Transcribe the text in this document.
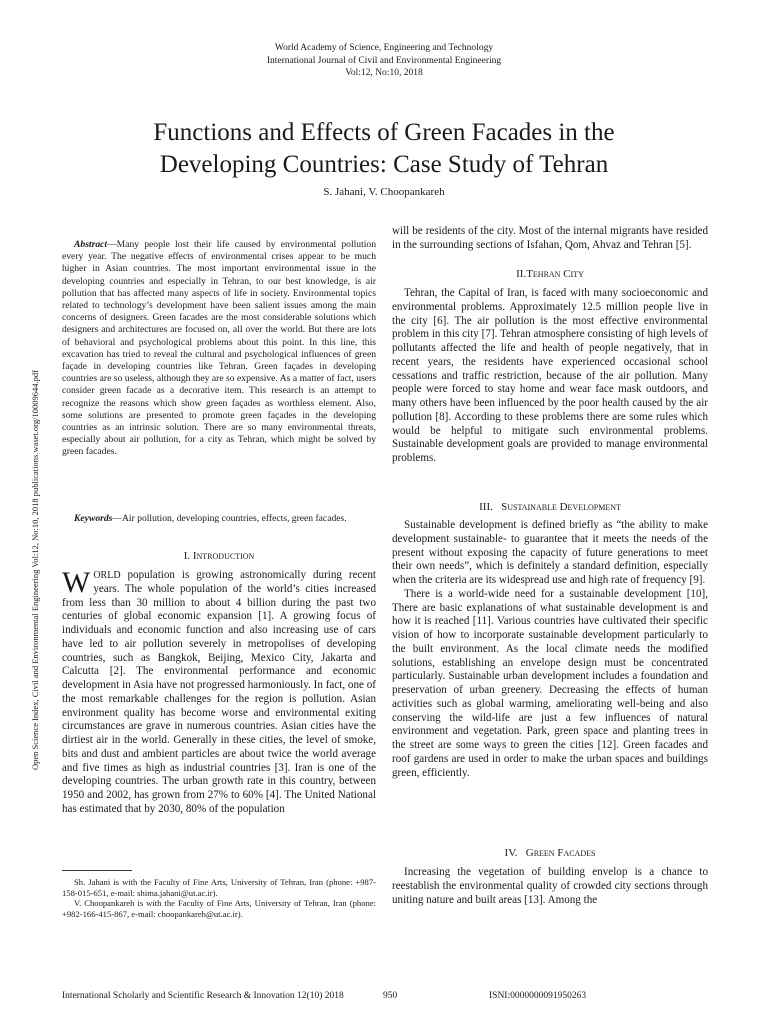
World Academy of Science, Engineering and Technology
International Journal of Civil and Environmental Engineering
Vol:12, No:10, 2018
Functions and Effects of Green Facades in the
Developing Countries: Case Study of Tehran
S. Jahani, V. Choopankareh
Open Science Index, Civil and Environmental Engineering Vol:12, No:10, 2018 publications.waset.org/10009644.pdf
Abstract—Many people lost their life caused by environmental pollution every year. The negative effects of environmental crises appear to be much higher in Asian countries. The most important environmental issue in the developing countries and especially in Tehran, to our best knowledge, is air pollution that has affected many aspects of life in society. Environmental topics related to technology’s development have been salient issues among the main concerns of designers. Green facades are the most considerable solutions which designers and architectures are focused on, all over the world. But there are lots of behavioral and psychological problems about this point. In this line, this excavation has tried to reveal the cultural and psychological influences of green façade in developing countries like Tehran. Green façades in developing countries are so useless, although they are so expensive. As a matter of fact, users consider green facade as a decorative item. This research is an attempt to recognize the reasons which show green façades as worthless element. Also, some solutions are presented to promote green façades in the developing countries as an intrinsic solution. There are so many environmental threats, especially about air pollution, for a city as Tehran, which might be solved by green facades.
Keywords—Air pollution, developing countries, effects, green facades.
I. Introduction

WORLD population is growing astronomically during recent years. The whole population of the world’s cities increased from less than 30 million to about 4 billion during the past two centuries of global economic expansion [1]. A growing focus of individuals and economic function and also increasing use of cars have led to air pollution severely in metropolises of developing countries, such as Bangkok, Beijing, Mexico City, Jakarta and Calcutta [2]. The environmental performance and economic development in Asia have not progressed harmoniously. In fact, one of the most remarkable challenges for the region is pollution. Asian environment quality has become worse and environmental exiting circumstances are grave in numerous countries. Asian cities have the dirtiest air in the world. Generally in these cities, the level of smoke, bits and dust and ambient particles are about twice the world average and five times as high as industrial countries [3]. Iran is one of the developing countries. The urban growth rate in this country, between 1950 and 2002, has grown from 27% to 60% [4]. The United National has estimated that by 2030, 80% of the population

Sh. Jahani is with the Faculty of Fine Arts, University of Tehran, Iran (phone: +987-158-015-651, e-mail: shima.jahani@ut.ac.ir).

V. Choopankareh is with the Faculty of Fine Arts, University of Tehran, Iran (phone: +982-166-415-867, e-mail: choopankareh@ut.ac.ir).

will be residents of the city. Most of the internal migrants have resided in the surrounding sections of Isfahan, Qom, Ahvaz and Tehran [5].

II.Tehran City

Tehran, the Capital of Iran, is faced with many socioeconomic and environmental problems. Approximately 12.5 million people live in the city [6]. The air pollution is the most effective environmental problem in this city [7]. Tehran atmosphere consisting of high levels of pollutants affected the life and health of people negatively, that in recent years, the residents have experienced occasional school cessations and traffic restriction, because of the air pollution. Many people were forced to stay home and wear face mask outdoors, and many others have been influenced by the poor health caused by the air pollution [8]. According to these problems there are some rules which would be helpful to mitigate such environmental problems. Sustainable development goals are provided to manage environmental problems.

III. Sustainable Development

Sustainable development is defined briefly as “the ability to make development sustainable- to guarantee that it meets the needs of the present without exposing the capacity of future generations to meet their own needs”, which is definitely a standard definition, especially when the criteria are its widespread use and high rate of frequency [9].

There is a world-wide need for a sustainable development [10], There are basic explanations of what sustainable development is and how it is reached [11]. Various countries have cultivated their specific vision of how to incorporate sustainable development particularly to the built environment. As the local climate needs the modified solutions, establishing an envelope design must be concentrated particularly. Sustainable urban development includes a foundation and preservation of urban greenery. Decreasing the effects of human activities such as global warming, ameliorating well-being and also conserving the wild-life are just a few influences of natural environment and vegetation. Park, green space and planting trees in the street are some ways to green the cities [12]. Green facades and roof gardens are used in order to make the urban spaces and buildings green, efficiently.

IV. Green Facades

Increasing the vegetation of building envelop is a chance to reestablish the environmental quality of crowded city sections through uniting nature and built areas [13]. Among the

International Scholarly and Scientific Research & Innovation 12(10) 2018	950	ISNI:0000000091950263
